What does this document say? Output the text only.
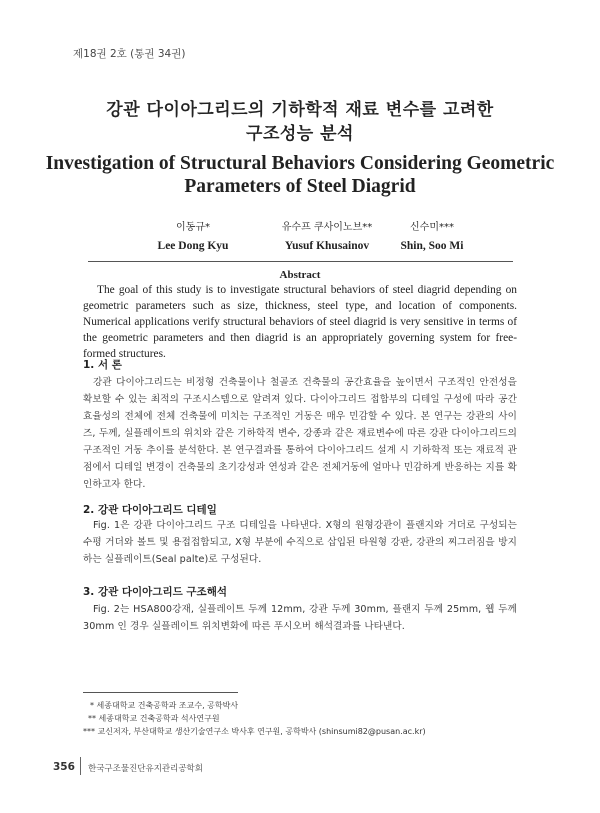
제18권 2호 (통권 34권)
강관 다이아그리드의 기하학적 재료 변수를 고려한
구조성능 분석
Investigation of Structural Behaviors Considering Geometric
Parameters of Steel Diagrid
이동규*
Lee Dong Kyu
유수프 쿠사이노브**
Yusuf Khusainov
신수미***
Shin, Soo Mi
Abstract
The goal of this study is to investigate structural behaviors of steel diagrid depending on geometric parameters such as size, thickness, steel type, and location of components. Numerical applications verify structural behaviors of steel diagrid is very sensitive in terms of the geometric parameters and then diagrid is an appropriately governing system for free-formed structures.
1. 서 론
강관 다이아그리드는 비정형 건축물이나 철골조 건축물의 공간효율을 높이면서 구조적인 안전성을 확보할 수 있는 최적의 구조시스템으로 알려져 있다. 다이아그리드 접합부의 디테일 구성에 따라 공간 효율성의 전체에 전체 건축물에 미치는 구조적인 거동은 매우 민감할 수 있다. 본 연구는 강관의 사이즈, 두께, 실플레이트의 위치와 같은 기하학적 변수, 강종과 같은 재료변수에 따른 강관 다이아그리드의 구조적인 거동 추이를 분석한다. 본 연구결과를 통하여 다이아그리드 설계 시 기하학적 또는 재료적 관점에서 디테일 변경이 건축물의 초기강성과 연성과 같은 전체거동에 얼마나 민감하게 반응하는 지를 확인하고자 한다.
2. 강관 다이아그리드 디테일
Fig. 1은 강관 다이아그리드 구조 디테일을 나타낸다. X형의 원형강관이 플랜지와 거더로 구성되는 수평 거더와 볼트 및 용접접합되고, X형 부분에 수직으로 삽입된 타원형 강판, 강관의 찌그러짐을 방지하는 실플레이트(Seal palte)로 구성된다.
3. 강관 다이아그리드 구조해석
Fig. 2는 HSA800강재, 실플레이트 두께 12mm, 강관 두께 30mm, 플랜지 두께 25mm, 웹 두께 30mm 인 경우 실플레이트 위치변화에 따른 푸시오버 해석결과를 나타낸다.
* 세종대학교 건축공학과 조교수, 공학박사
** 세종대학교 건축공학과 석사연구원
*** 교신저자, 부산대학교 생산기술연구소 박사후 연구원, 공학박사 (shinsumi82@pusan.ac.kr)
356 한국구조물진단유지관리공학회
